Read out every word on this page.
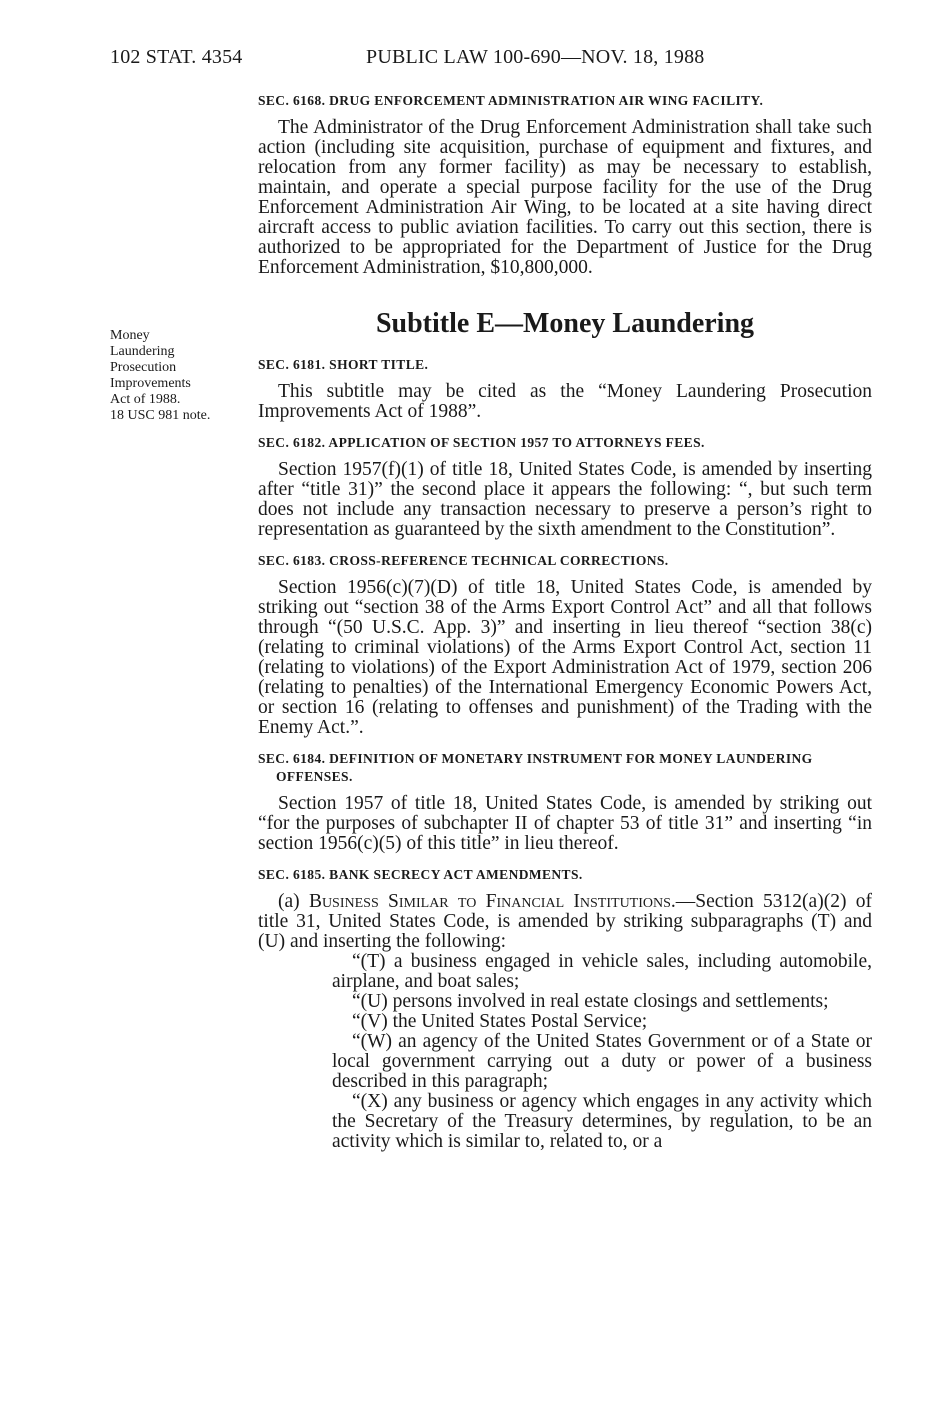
102 STAT. 4354	PUBLIC LAW 100-690—NOV. 18, 1988
Money
Laundering
Prosecution
Improvements
Act of 1988.
18 USC 981 note.

SEC. 6168. DRUG ENFORCEMENT ADMINISTRATION AIR WING FACILITY.

The Administrator of the Drug Enforcement Administration shall take such action (including site acquisition, purchase of equipment and fixtures, and relocation from any former facility) as may be necessary to establish, maintain, and operate a special purpose facility for the use of the Drug Enforcement Administration Air Wing, to be located at a site having direct aircraft access to public aviation facilities. To carry out this section, there is authorized to be appropriated for the Department of Justice for the Drug Enforcement Administration, $10,800,000.

Subtitle E—Money Laundering

SEC. 6181. SHORT TITLE.

This subtitle may be cited as the “Money Laundering Prosecution Improvements Act of 1988”.

SEC. 6182. APPLICATION OF SECTION 1957 TO ATTORNEYS FEES.

Section 1957(f)(1) of title 18, United States Code, is amended by inserting after “title 31)” the second place it appears the following: “, but such term does not include any transaction necessary to preserve a person’s right to representation as guaranteed by the sixth amendment to the Constitution”.

SEC. 6183. CROSS-REFERENCE TECHNICAL CORRECTIONS.

Section 1956(c)(7)(D) of title 18, United States Code, is amended by striking out “section 38 of the Arms Export Control Act” and all that follows through “(50 U.S.C. App. 3)” and inserting in lieu thereof “section 38(c) (relating to criminal violations) of the Arms Export Control Act, section 11 (relating to violations) of the Export Administration Act of 1979, section 206 (relating to penalties) of the International Emergency Economic Powers Act, or section 16 (relating to offenses and punishment) of the Trading with the Enemy Act.”.

SEC. 6184. DEFINITION OF MONETARY INSTRUMENT FOR MONEY LAUNDERING OFFENSES.

Section 1957 of title 18, United States Code, is amended by striking out “for the purposes of subchapter II of chapter 53 of title 31” and inserting “in section 1956(c)(5) of this title” in lieu thereof.

SEC. 6185. BANK SECRECY ACT AMENDMENTS.

(a) Business Similar to Financial Institutions.—Section 5312(a)(2) of title 31, United States Code, is amended by striking subparagraphs (T) and (U) and inserting the following:

“(T) a business engaged in vehicle sales, including automobile, airplane, and boat sales;

“(U) persons involved in real estate closings and settlements;

“(V) the United States Postal Service;

“(W) an agency of the United States Government or of a State or local government carrying out a duty or power of a business described in this paragraph;

“(X) any business or agency which engages in any activity which the Secretary of the Treasury determines, by regulation, to be an activity which is similar to, related to, or a
